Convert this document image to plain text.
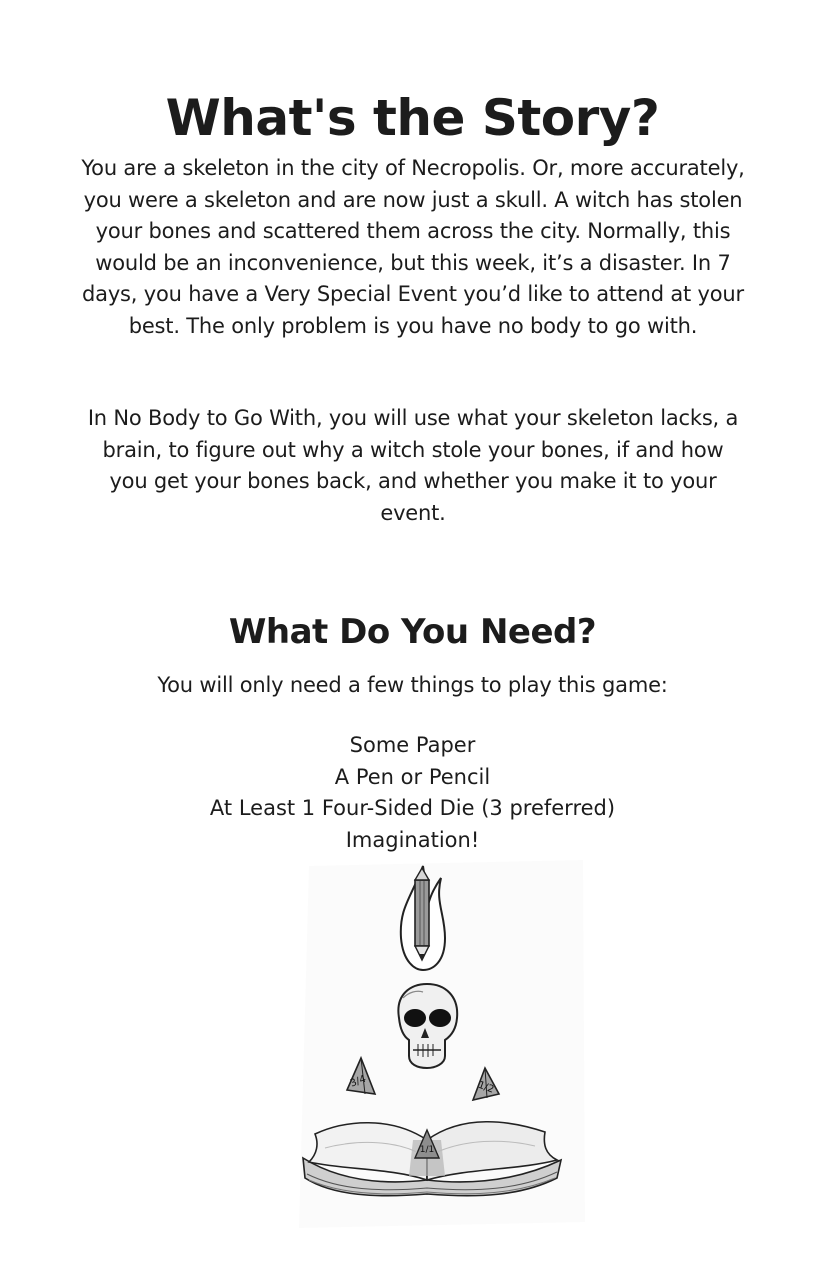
What's the Story?

You are a skeleton in the city of Necropolis. Or, more accurately, you were a skeleton and are now just a skull. A witch has stolen your bones and scattered them across the city. Normally, this would be an inconvenience, but this week, it’s a disaster. In 7 days, you have a Very Special Event you’d like to attend at your best. The only problem is you have no body to go with.

In No Body to Go With, you will use what your skeleton lacks, a brain, to figure out why a witch stole your bones, if and how you get your bones back, and whether you make it to your event.

What Do You Need?

You will only need a few things to play this game:

Some Paper
A Pen or Pencil
At Least 1 Four-Sided Die (3 preferred)
Imagination!
3/4	1/2
1/1
